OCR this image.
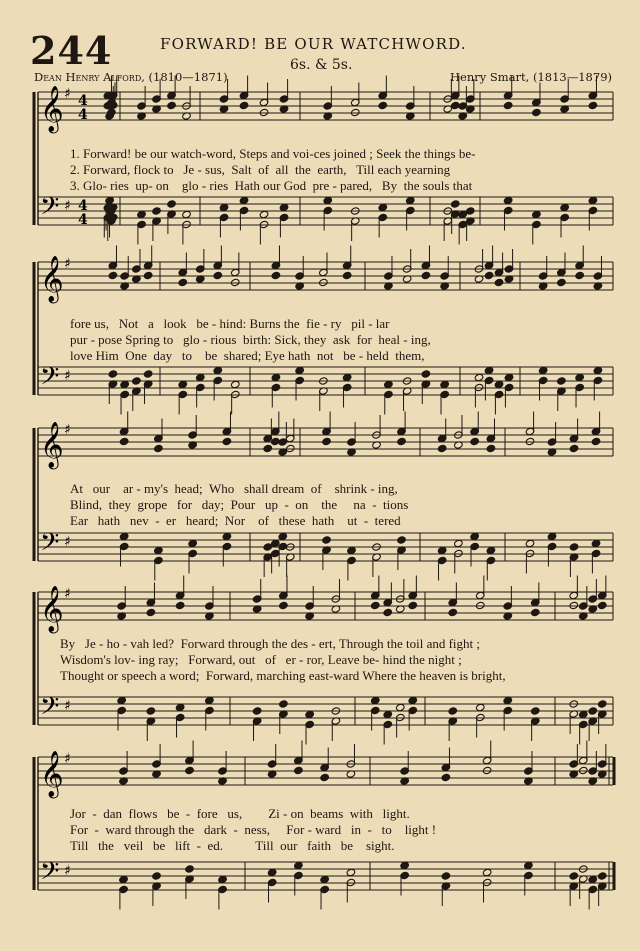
244	FORWARD! BE OUR WATCHWORD.
6s. & 5s.
Dean Henry Alford, (1810—1871)	Henry Smart, (1813—1879)
𝄞 ♯ 4
4
𝄢 ♯ 4
4
𝄞 ♯
𝄢 ♯
𝄞 ♯
𝄢 ♯
𝄞 ♯
𝄢 ♯
𝄞 ♯
𝄢 ♯
1. Forward! be our watch-word, Steps and voi-ces joined ; Seek the things be-
2. Forward, flock to   Je - sus,  Salt  of  all  the  earth,   Till each yearning
3. Glo- ries  up- on    glo - ries  Hath our God  pre - pared,   By  the souls that
fore us,   Not   a   look   be - hind: Burns the  fie - ry   pil - lar
pur - pose Spring to   glo - rious  birth: Sick, they  ask  for  heal - ing,
love Him  One  day   to    be  shared; Eye hath  not   be - held  them,
At   our    ar - my's  head;  Who   shall dream  of    shrink - ing,
Blind,  they  grope   for   day;  Pour   up  -  on    the     na  -  tions
Ear   hath   nev  -  er   heard;  Nor    of   these  hath    ut  -  tered
By   Je - ho - vah led?  Forward through the des - ert, Through the toil and fight ;
Wisdom's lov- ing ray;   Forward, out   of   er - ror, Leave be- hind the night ;
Thought or speech a word;  Forward, marching east-ward Where the heaven is bright,
Jor  -  dan  flows   be  -  fore   us,        Zi - on  beams  with   light.
For  -  ward through the   dark  -  ness,     For - ward   in  -   to    light !
Till   the   veil   be   lift  -  ed.          Till  our   faith   be    sight.
